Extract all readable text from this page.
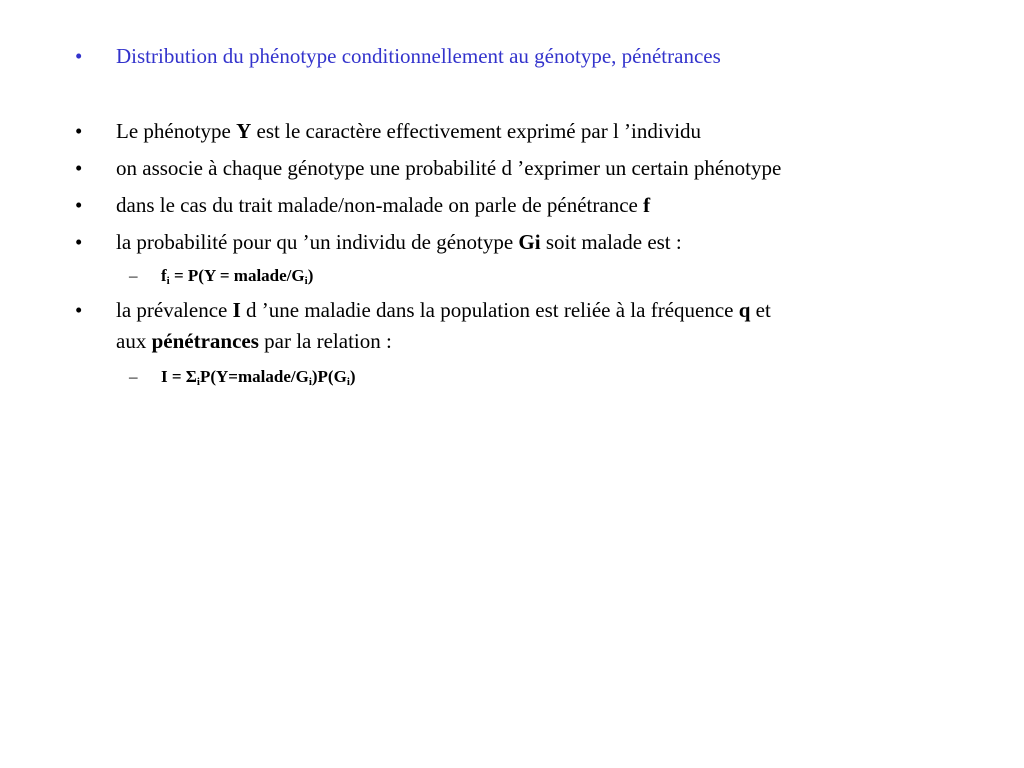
• Distribution du phénotype conditionnellement au génotype, pénétrances
• Le phénotype Y est le caractère effectivement exprimé par l ’individu
• on associe à chaque génotype une probabilité d ’exprimer un certain phénotype
• dans le cas du trait malade/non-malade on parle de pénétrance f
• la probabilité pour qu ’un individu de génotype Gi soit malade est :
– $f_i = P(Y$ = malade/$G_i$)
• la prévalence I d ’une maladie dans la population est reliée à la fréquence q et
aux pénétrances par la relation :
– $I = \Sigma_iP(Y=malade/G_i)P(G_i)$
